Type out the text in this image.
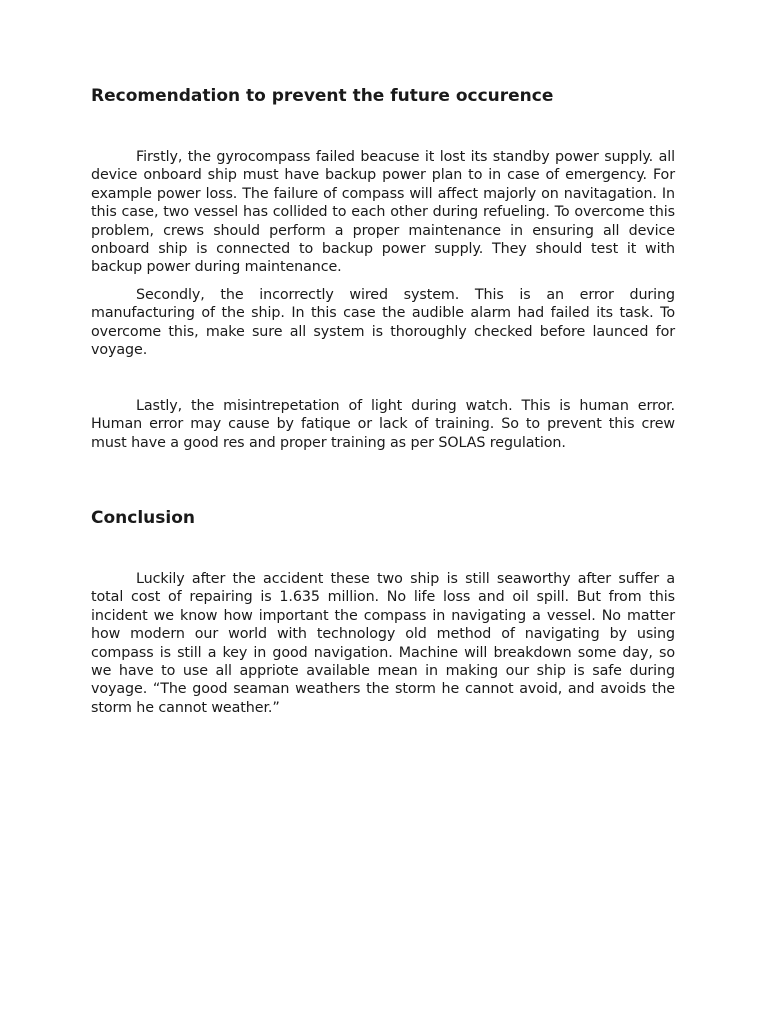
Recomendation to prevent the future occurence

Firstly, the gyrocompass failed beacuse it lost its standby power supply. all device onboard ship must have backup power plan to in case of emergency. For example power loss. The failure of compass will affect majorly on navitagation. In this case, two vessel has collided to each other during refueling. To overcome this problem, crews should perform a proper maintenance in ensuring all device onboard ship is connected to backup power supply. They should test it with backup power during maintenance.

Secondly, the incorrectly wired system. This is an error during manufacturing of the ship. In this case the audible alarm had failed its task. To overcome this, make sure all system is thoroughly checked before launced for voyage.

Lastly, the misintrepetation of light during watch. This is human error. Human error may cause by fatique or lack of training. So to prevent this crew must have a good res and proper training as per SOLAS regulation.

Conclusion

Luckily after the accident these two ship is still seaworthy after suffer a total cost of repairing is 1.635 million. No life loss and oil spill. But from this incident we know how important the compass in navigating a vessel. No matter how modern our world with technology old method of navigating by using compass is still a key in good navigation. Machine will breakdown some day, so we have to use all appriote available mean in making our ship is safe during voyage. “The good seaman weathers the storm he cannot avoid, and avoids the storm he cannot weather.”
